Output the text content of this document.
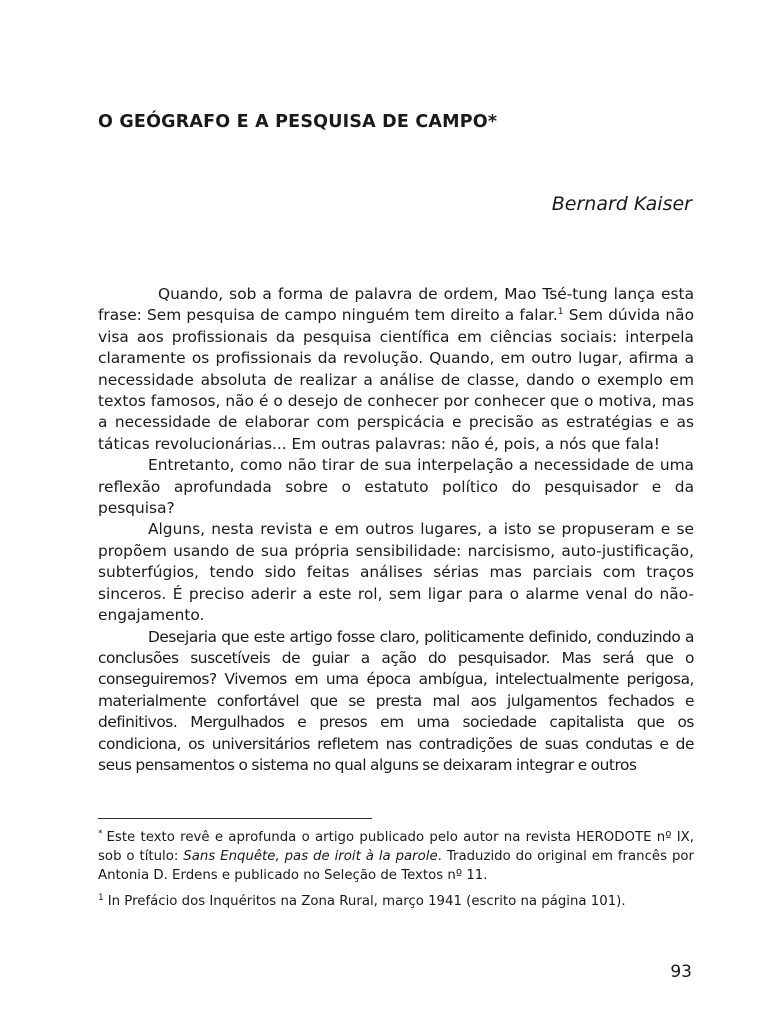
O GEÓGRAFO E A PESQUISA DE CAMPO*
Bernard Kaiser

Quando, sob a forma de palavra de ordem, Mao Tsé-tung lança esta frase: Sem pesquisa de campo ninguém tem direito a falar.$^1$ Sem dúvida não visa aos profissionais da pesquisa científica em ciências sociais: interpela claramente os profissionais da revolução. Quando, em outro lugar, afirma a necessidade absoluta de realizar a análise de classe, dando o exemplo em textos famosos, não é o desejo de conhecer por conhecer que o motiva, mas a necessidade de elaborar com perspicácia e precisão as estratégias e as táticas revolucionárias... Em outras palavras: não é, pois, a nós que fala!

Entretanto, como não tirar de sua interpelação a necessidade de uma reflexão aprofundada sobre o estatuto político do pesquisador e da pesquisa?

Alguns, nesta revista e em outros lugares, a isto se propuseram e se propõem usando de sua própria sensibilidade: narcisismo, auto-justificação, subterfúgios, tendo sido feitas análises sérias mas parciais com traços sinceros. É preciso aderir a este rol, sem ligar para o alarme venal do não-engajamento.

Desejaria que este artigo fosse claro, politicamente definido, conduzindo a conclusões suscetíveis de guiar a ação do pesquisador. Mas será que o conseguiremos? Vivemos em uma época ambígua, intelectualmente perigosa, materialmente confortável que se presta mal aos julgamentos fechados e definitivos. Mergulhados e presos em uma sociedade capitalista que os condiciona, os universitários refletem nas contradições de suas condutas e de seus pensamentos o sistema no qual alguns se deixaram integrar e outros

* Este texto revê e aprofunda o artigo publicado pelo autor na revista HERODOTE nº IX, sob o título: Sans Enquête, pas de iroit à la parole. Traduzido do original em francês por Antonia D. Erdens e publicado no Seleção de Textos nº 11.

$^1$ In Prefácio dos Inquéritos na Zona Rural, março 1941 (escrito na página 101).

93
